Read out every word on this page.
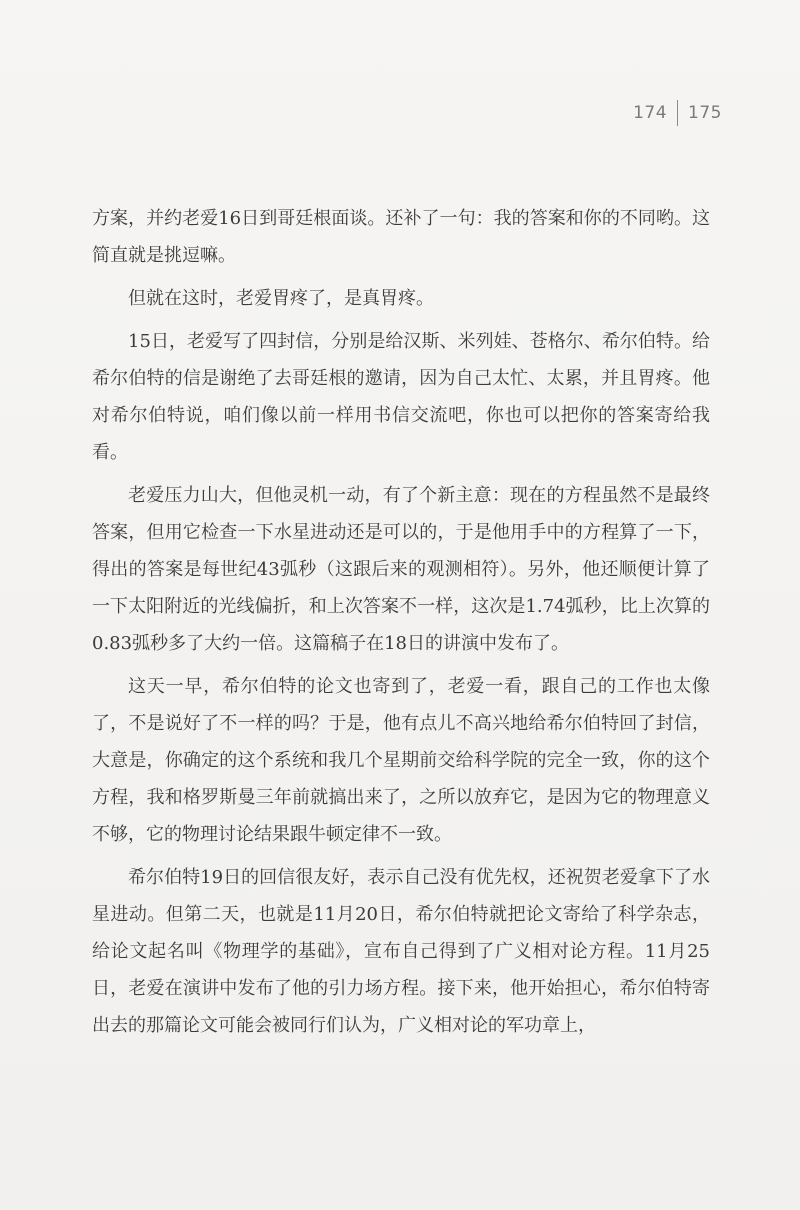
174 175

方案，并约老爱16日到哥廷根面谈。还补了一句：我的答案和你的不同哟。这简直就是挑逗嘛。

但就在这时，老爱胃疼了，是真胃疼。

15日，老爱写了四封信，分别是给汉斯、米列娃、苍格尔、希尔伯特。给希尔伯特的信是谢绝了去哥廷根的邀请，因为自己太忙、太累，并且胃疼。他对希尔伯特说，咱们像以前一样用书信交流吧，你也可以把你的答案寄给我看。

老爱压力山大，但他灵机一动，有了个新主意：现在的方程虽然不是最终答案，但用它检查一下水星进动还是可以的，于是他用手中的方程算了一下，得出的答案是每世纪43弧秒（这跟后来的观测相符）。另外，他还顺便计算了一下太阳附近的光线偏折，和上次答案不一样，这次是1.74弧秒，比上次算的0.83弧秒多了大约一倍。这篇稿子在18日的讲演中发布了。

这天一早，希尔伯特的论文也寄到了，老爱一看，跟自己的工作也太像了，不是说好了不一样的吗？于是，他有点儿不高兴地给希尔伯特回了封信，大意是，你确定的这个系统和我几个星期前交给科学院的完全一致，你的这个方程，我和格罗斯曼三年前就搞出来了，之所以放弃它，是因为它的物理意义不够，它的物理讨论结果跟牛顿定律不一致。

希尔伯特19日的回信很友好，表示自己没有优先权，还祝贺老爱拿下了水星进动。但第二天，也就是11月20日，希尔伯特就把论文寄给了科学杂志，给论文起名叫《物理学的基础》，宣布自己得到了广义相对论方程。11月25日，老爱在演讲中发布了他的引力场方程。接下来，他开始担心，希尔伯特寄出去的那篇论文可能会被同行们认为，广义相对论的军功章上，
